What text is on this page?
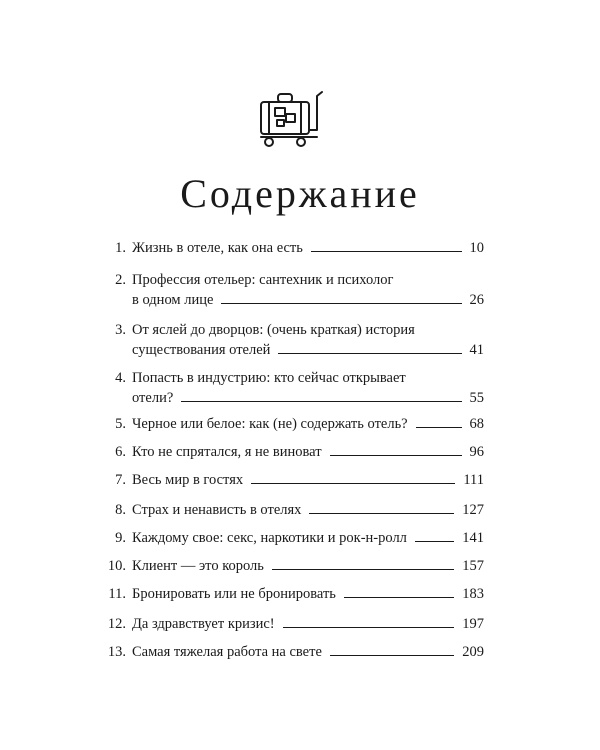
Содержание
1. Жизнь в отеле, как она есть	10
2. Профессия отельер: сантехник и психолог
в одном лице	26
3. От яслей до дворцов: (очень краткая) история
существования отелей	41
4. Попасть в индустрию: кто сейчас открывает
отели?	55
5. Черное или белое: как (не) содержать отель?	68
6. Кто не спрятался, я не виноват	96
7. Весь мир в гостях	111
8. Страх и ненависть в отелях	127
9. Каждому свое: секс, наркотики и рок-н-ролл	141
10. Клиент — это король	157
11. Бронировать или не бронировать	183
12. Да здравствует кризис!	197
13. Самая тяжелая работа на свете	209
